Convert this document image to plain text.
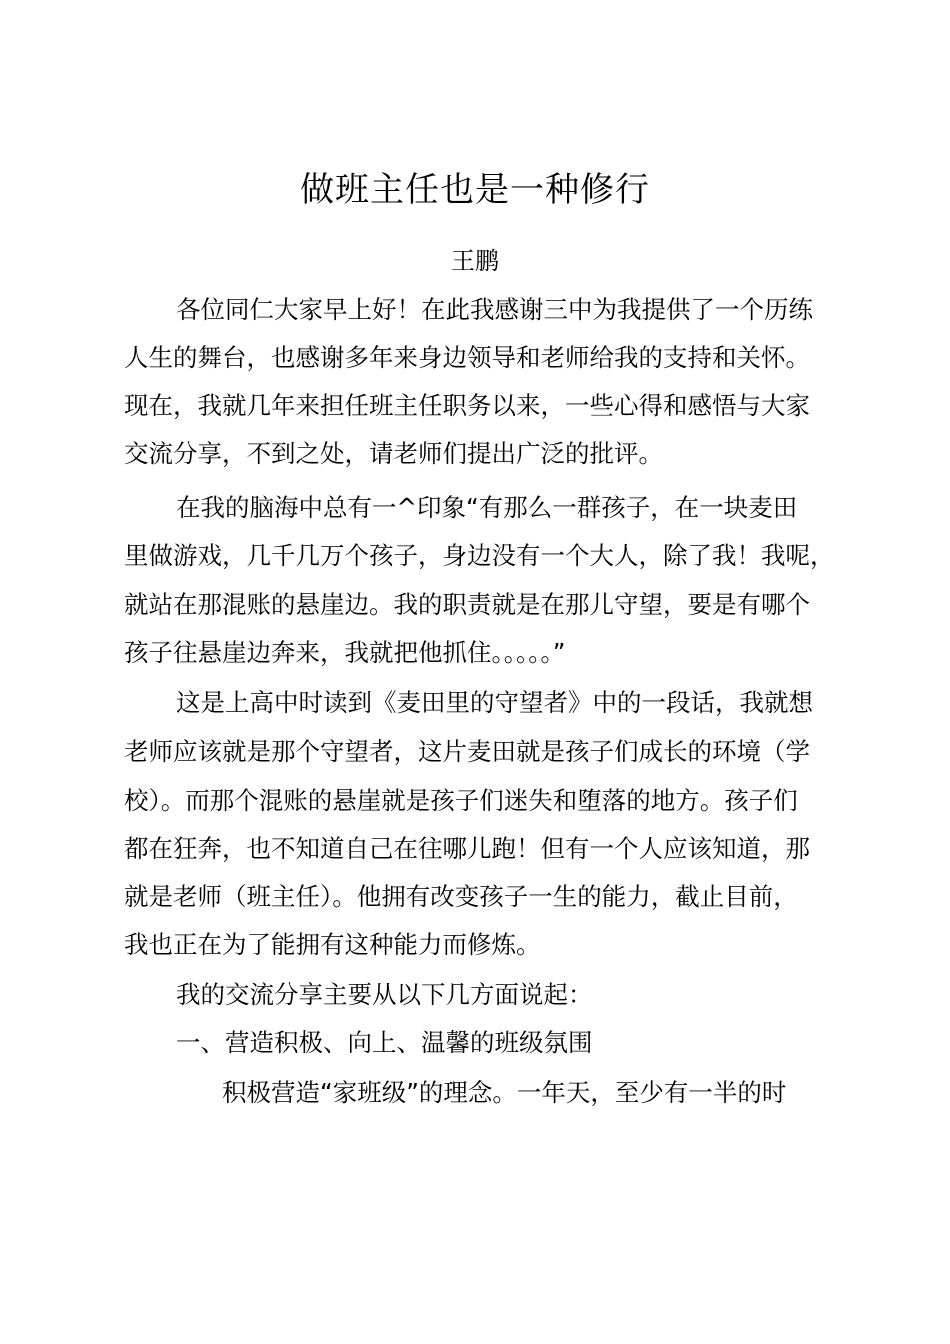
做班主任也是一种修行
王鹏
各位同仁大家早上好！在此我感谢三中为我提供了一个历练
人生的舞台，也感谢多年来身边领导和老师给我的支持和关怀。
现在，我就几年来担任班主任职务以来，一些心得和感悟与大家
交流分享，不到之处，请老师们提出广泛的批评。
在我的脑海中总有一^印象“有那么一群孩子，在一块麦田
里做游戏，几千几万个孩子，身边没有一个大人，除了我！我呢，
就站在那混账的悬崖边。我的职责就是在那儿守望，要是有哪个
孩子往悬崖边奔来，我就把他抓住。。。。。”
这是上高中时读到《麦田里的守望者》中的一段话，我就想
老师应该就是那个守望者，这片麦田就是孩子们成长的环境（学
校）。而那个混账的悬崖就是孩子们迷失和堕落的地方。孩子们
都在狂奔，也不知道自己在往哪儿跑！但有一个人应该知道，那
就是老师（班主任）。他拥有改变孩子一生的能力，截止目前，
我也正在为了能拥有这种能力而修炼。
我的交流分享主要从以下几方面说起：
一、营造积极、向上、温馨的班级氛围
积极营造“家班级”的理念。一年天，至少有一半的时
